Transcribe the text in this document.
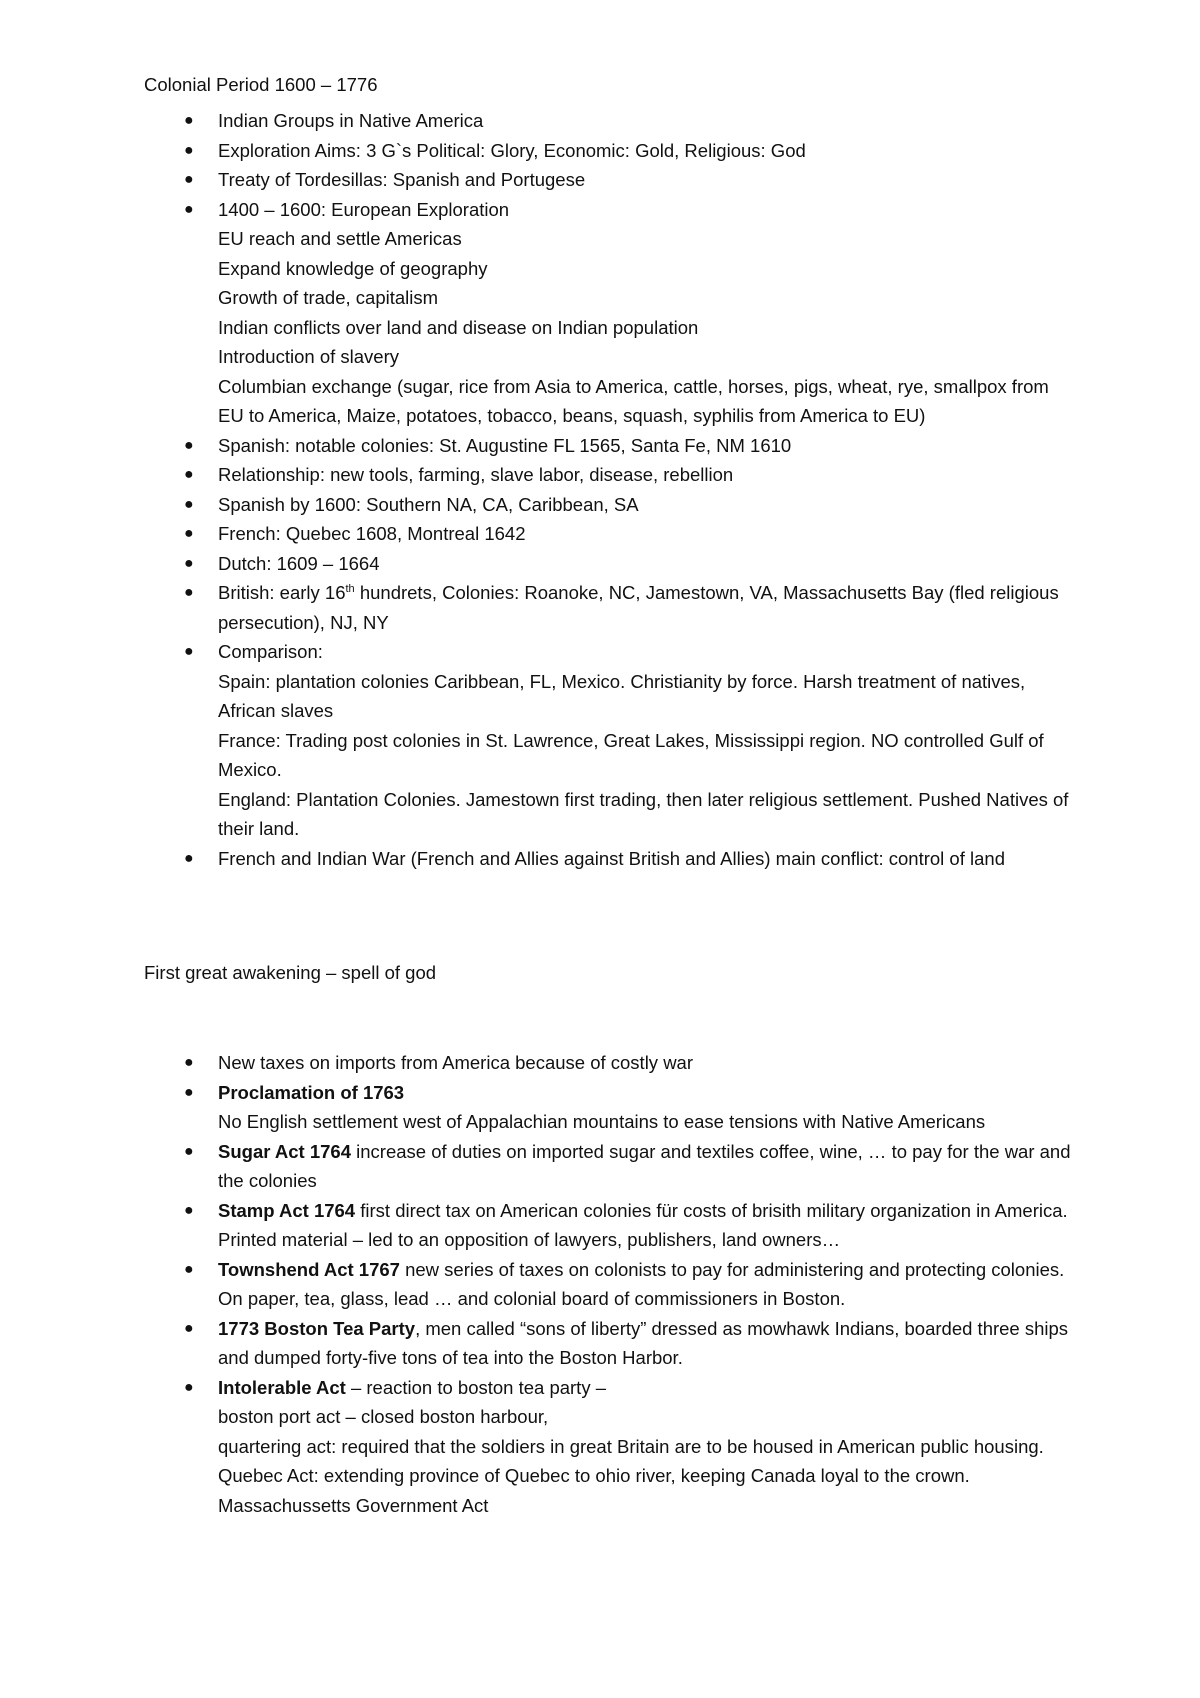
Colonial Period 1600 – 1776

● Indian Groups in Native America
● Exploration Aims: 3 G`s Political: Glory, Economic: Gold, Religious: God
● Treaty of Tordesillas: Spanish and Portugese
● 1400 – 1600: European Exploration
EU reach and settle Americas
Expand knowledge of geography
Growth of trade, capitalism
Indian conflicts over land and disease on Indian population
Introduction of slavery
Columbian exchange (sugar, rice from Asia to America, cattle, horses, pigs, wheat, rye, smallpox from EU to America, Maize, potatoes, tobacco, beans, squash, syphilis from America to EU)
● Spanish: notable colonies: St. Augustine FL 1565, Santa Fe, NM 1610
● Relationship: new tools, farming, slave labor, disease, rebellion
● Spanish by 1600: Southern NA, CA, Caribbean, SA
● French: Quebec 1608, Montreal 1642
● Dutch: 1609 – 1664
● British: early 16th hundrets, Colonies: Roanoke, NC, Jamestown, VA, Massachusetts Bay (fled religious persecution), NJ, NY
● Comparison:
Spain: plantation colonies Caribbean, FL, Mexico. Christianity by force. Harsh treatment of natives, African slaves
France: Trading post colonies in St. Lawrence, Great Lakes, Mississippi region. NO controlled Gulf of Mexico.
England: Plantation Colonies. Jamestown first trading, then later religious settlement. Pushed Natives of their land.
● French and Indian War (French and Allies against British and Allies) main conflict: control of land

First great awakening – spell of god

● New taxes on imports from America because of costly war
● Proclamation of 1763
No English settlement west of Appalachian mountains to ease tensions with Native Americans
● Sugar Act 1764 increase of duties on imported sugar and textiles coffee, wine, … to pay for the war and the colonies
● Stamp Act 1764 first direct tax on American colonies für costs of brisith military organization in America. Printed material – led to an opposition of lawyers, publishers, land owners…
● Townshend Act 1767 new series of taxes on colonists to pay for administering and protecting colonies. On paper, tea, glass, lead … and colonial board of commissioners in Boston.
● 1773 Boston Tea Party, men called “sons of liberty” dressed as mowhawk Indians, boarded three ships and dumped forty-five tons of tea into the Boston Harbor.
● Intolerable Act – reaction to boston tea party –
boston port act – closed boston harbour,
quartering act: required that the soldiers in great Britain are to be housed in American public housing.
Quebec Act: extending province of Quebec to ohio river, keeping Canada loyal to the crown.
Massachussetts Government Act
